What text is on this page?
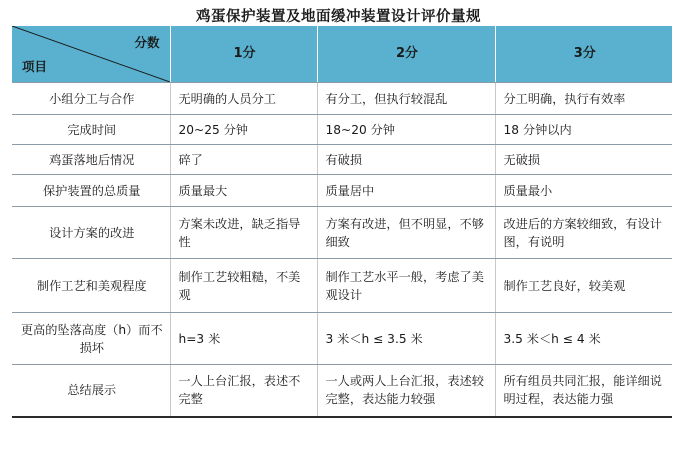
鸡蛋保护装置及地面缓冲装置设计评价量规
分数
项目	1分	2分	3分
小组分工与合作	无明确的人员分工	有分工，但执行较混乱	分工明确，执行有效率
完成时间	20~25 分钟	18~20 分钟	18 分钟以内
鸡蛋落地后情况	碎了	有破损	无破损
保护装置的总质量	质量最大	质量居中	质量最小
设计方案的改进	方案未改进，缺乏指导性	方案有改进，但不明显，不够细致	改进后的方案较细致，有设计图，有说明
制作工艺和美观程度	制作工艺较粗糙，不美观	制作工艺水平一般，考虑了美观设计	制作工艺良好，较美观
更高的坠落高度（h）而不损坏	h=3 米	3 米＜h ≤ 3.5 米	3.5 米＜h ≤ 4 米
总结展示	一人上台汇报，表述不完整	一人或两人上台汇报，表述较完整，表达能力较强	所有组员共同汇报，能详细说明过程，表达能力强
